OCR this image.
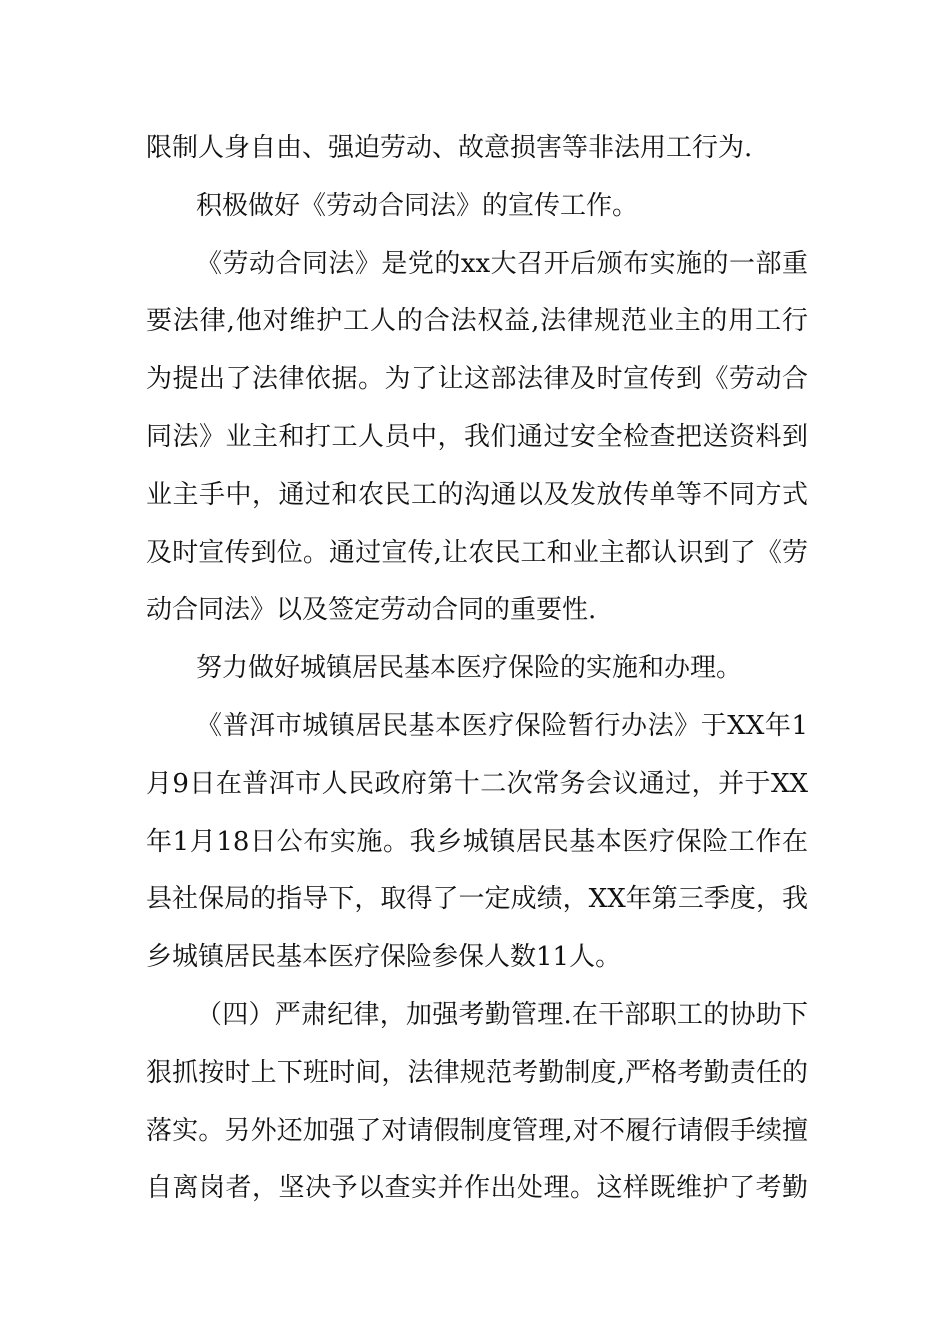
限制人身自由、强迫劳动、故意损害等非法用工行为.
积极做好《劳动合同法》的宣传工作。
《劳动合同法》是党的xx大召开后颁布实施的一部重
要法律,他对维护工人的合法权益,法律规范业主的用工行
为提出了法律依据。为了让这部法律及时宣传到《劳动合
同法》业主和打工人员中，我们通过安全检查把送资料到
业主手中，通过和农民工的沟通以及发放传单等不同方式
及时宣传到位。通过宣传,让农民工和业主都认识到了《劳
动合同法》以及签定劳动合同的重要性.
努力做好城镇居民基本医疗保险的实施和办理。
《普洱市城镇居民基本医疗保险暂行办法》于XX年1
月9日在普洱市人民政府第十二次常务会议通过，并于XX
年1月18日公布实施。我乡城镇居民基本医疗保险工作在
县社保局的指导下，取得了一定成绩，XX年第三季度，我
乡城镇居民基本医疗保险参保人数11人。
（四）严肃纪律，加强考勤管理.在干部职工的协助下
狠抓按时上下班时间，法律规范考勤制度,严格考勤责任的
落实。另外还加强了对请假制度管理,对不履行请假手续擅
自离岗者，坚决予以查实并作出处理。这样既维护了考勤
